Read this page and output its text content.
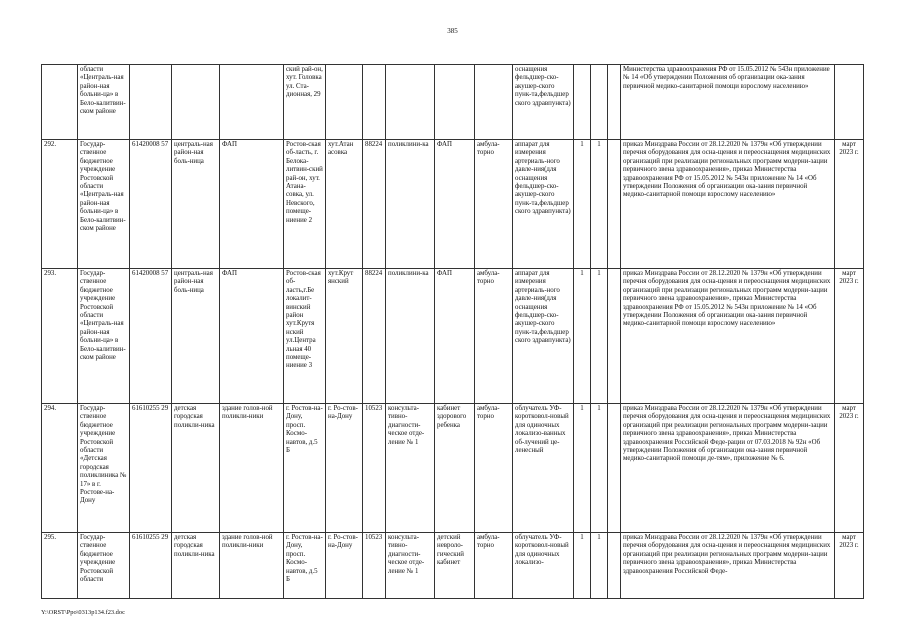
385
	области «Централь-ная район-ная больни-ца» в Бело-калитвин-ском районе				ский рай-он, хут. Головка ул. Ста-дионная, 29						оснащения фельдшер-ско-акушер-ского пунк-та,фельдшер ского здравпункта)				Министерства здравоохранения РФ от 15.05.2012 № 543н приложение № 14 «Об утверждении Положения об организации ока-зания первичной медико-санитарной помощи взрослому населению»	
292.	Государ-ственное бюджетное учреждение Ростовской области «Централь-ная район-ная больни-ца» в Бело-калитвин-ском районе	61420008 57	централь-ная район-ная боль-ница	ФАП	Ростов-ская об-ласть, г. Белока-литвин-ский рай-он, хут. Атана-совка, ул. Невского, помеще-ниение 2	хут.Атан асовка	88224	поликлини-ка	ФАП	амбула-торно	аппарат для измерения артериаль-ного давле-ния(для оснащения фельдшер-ско-акушер-ского пунк-та,фельдшер ского здравпункта)	1	1		приказ Минздрава России от 28.12.2020 № 1379н «Об утверждении перечня оборудования для осна-щения и переоснащения медицинских организаций при реализации региональных программ модерни-зации первичного звена здравоохранения», приказ Министерства здравоохранения РФ от 15.05.2012 № 543н приложение № 14 «Об утверждении Положения об организации ока-зания первичной медико-санитарной помощи взрослому населению»	март 2023 г.
293.	Государ-ственное бюджетное учреждение Ростовской области «Централь-ная район-ная больни-ца» в Бело-калитвин-ском районе	61420008 57	централь-ная район-ная боль-ница	ФАП	Ростов-ская об-ласть,г.Бе локалит-винский район хут.Крутя нский ул.Центра льная 40 помеще-ниение 3	хут.Крут янский	88224	поликлини-ка	ФАП	амбула-торно	аппарат для измерения артериаль-ного давле-ния(для оснащения фельдшер-ско-акушер-ского пунк-та,фельдшер ского здравпункта)	1	1		приказ Минздрава России от 28.12.2020 № 1379н «Об утверждении перечня оборудования для осна-щения и переоснащения медицинских организаций при реализации региональных программ модерни-зации первичного звена здравоохранения», приказ Министерства здравоохранения РФ от 15.05.2012 № 543н приложение № 14 «Об утверждении Положения об организации ока-зания первичной медико-санитарной помощи взрослому населению»	март 2023 г.
294.	Государ-ственное бюджетное учреждение Ростовской области «Детская городская поликлиника № 17» в г. Ростове-на-Дону	61610255 29	детская городская поликли-ника	здание голов-ной поликли-ники	г. Ростов-на-Дону, просп. Космо-навтов, д.5 Б	г. Ро-стов-на-Дону	10523	консульта-тивно-диагности-ческое отде-ление № 1	кабинет здорового ребенка	амбула-торно	облучатель УФ-коротковол-новый для одиночных локализо-ванных об-лучений це-ленесный	1	1		приказ Минздрава России от 28.12.2020 № 1379н «Об утверждении перечня оборудования для осна-щения и переоснащения медицинских организаций при реализации региональных программ модерни-зации первичного звена здравоохранения», приказ Министерства здравоохранения Российской Феде-рации от 07.03.2018 № 92н «Об утверждении Положения об организации ока-зания первичной медико-санитарной помощи де-тям», приложение № 6.	март 2023 г.
295.	Государ-ственное бюджетное учреждение Ростовской области	61610255 29	детская городская поликли-ника	здание голов-ной поликли-ники	г. Ростов-на-Дону, просп. Космо-навтов, д.5 Б	г. Ро-стов-на-Дону	10523	консульта-тивно-диагности-ческое отде-ление № 1	детский невроло-гический кабинет	амбула-торно	облучатель УФ-коротковол-новый для одиночных локализо-	1	1		приказ Минздрава России от 28.12.2020 № 1379н «Об утверждении перечня оборудования для осна-щения и переоснащения медицинских организаций при реализации региональных программ модерни-зации первичного звена здравоохранения», приказ Министерства здравоохранения Российской Феде-	март 2023 г.
Y:\ORST\Ppo\0313p134.f23.doc
